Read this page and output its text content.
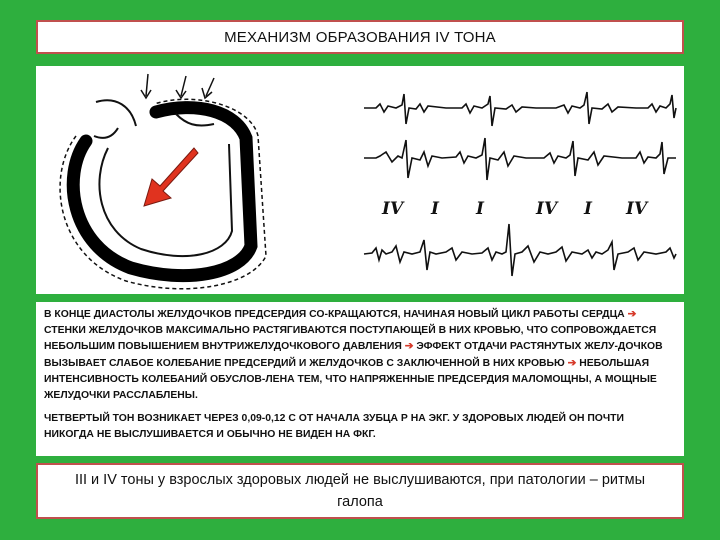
МЕХАНИЗМ ОБРАЗОВАНИЯ IV ТОНА
IV I I	IV I IV

В КОНЦЕ ДИАСТОЛЫ ЖЕЛУДОЧКОВ ПРЕДСЕРДИЯ СО-КРАЩАЮТСЯ, НАЧИНАЯ НОВЫЙ ЦИКЛ РАБОТЫ СЕРДЦА ➔ СТЕНКИ ЖЕЛУДОЧКОВ МАКСИМАЛЬНО РАСТЯГИВАЮТСЯ ПОСТУПАЮЩЕЙ В НИХ КРОВЬЮ, ЧТО СОПРОВОЖДАЕТСЯ НЕБОЛЬШИМ ПОВЫШЕНИЕМ ВНУТРИЖЕЛУДОЧКОВОГО ДАВЛЕНИЯ ➔ ЭФФЕКТ ОТДАЧИ РАСТЯНУТЫХ ЖЕЛУ-ДОЧКОВ ВЫЗЫВАЕТ СЛАБОЕ КОЛЕБАНИЕ ПРЕДСЕРДИЙ И ЖЕЛУДОЧКОВ С ЗАКЛЮЧЕННОЙ В НИХ КРОВЬЮ ➔ НЕБОЛЬШАЯ ИНТЕНСИВНОСТЬ КОЛЕБАНИЙ ОБУСЛОВ-ЛЕНА ТЕМ, ЧТО НАПРЯЖЕННЫЕ ПРЕДСЕРДИЯ МАЛОМОЩНЫ, А МОЩНЫЕ ЖЕЛУДОЧКИ РАССЛАБЛЕНЫ.

ЧЕТВЕРТЫЙ ТОН ВОЗНИКАЕТ ЧЕРЕЗ 0,09-0,12 С ОТ НАЧАЛА ЗУБЦА Р НА ЭКГ. У ЗДОРОВЫХ ЛЮДЕЙ ОН ПОЧТИ НИКОГДА НЕ ВЫСЛУШИВАЕТСЯ И ОБЫЧНО НЕ ВИДЕН НА ФКГ.

III и IV тоны у взрослых здоровых людей не выслушиваются, при патологии – ритмы галопа
